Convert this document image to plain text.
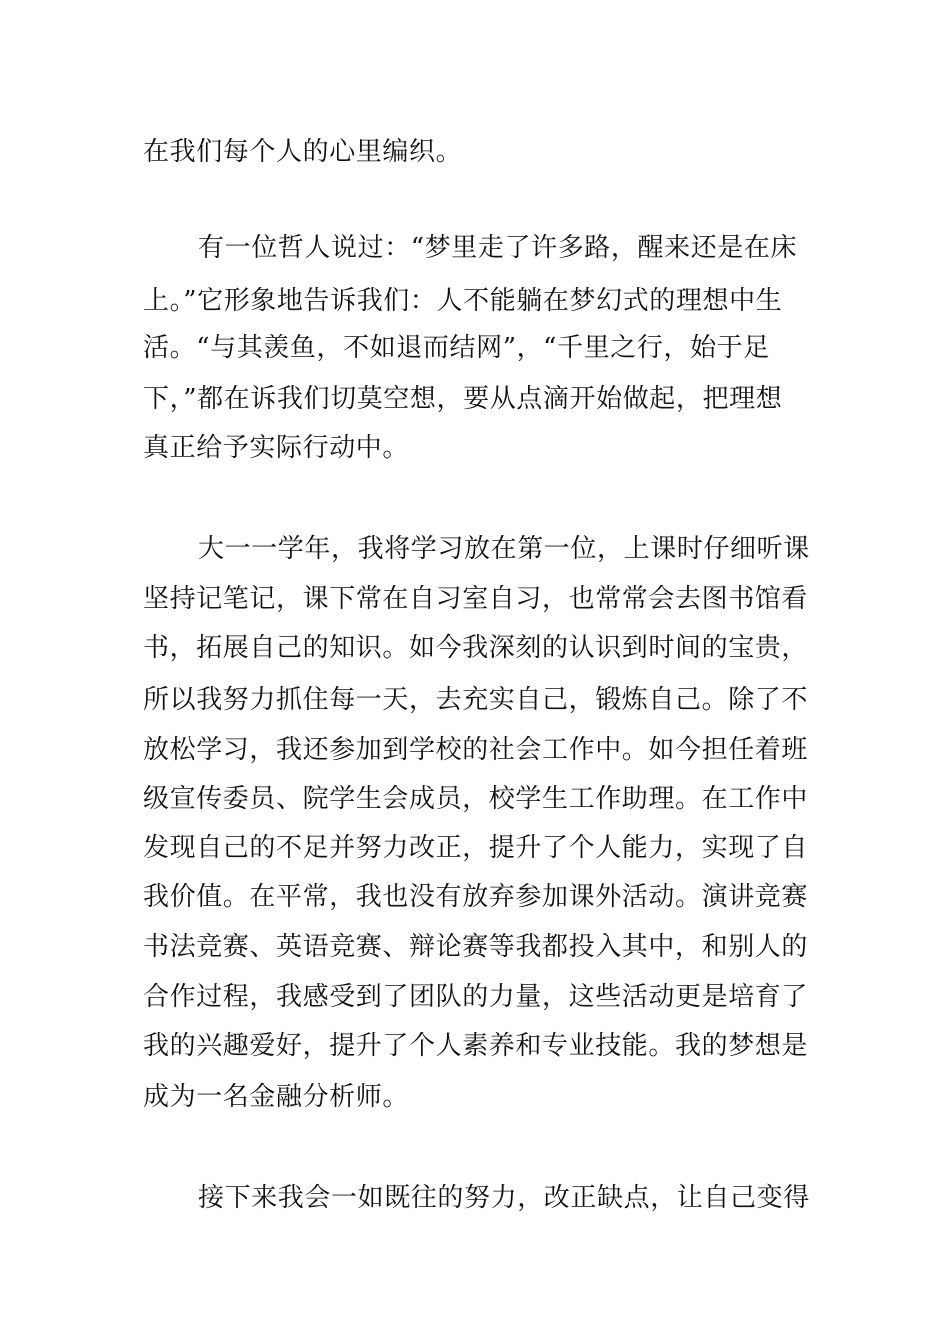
在我们每个人的心里编织。
有一位哲人说过：“梦里走了许多路，醒来还是在床
上。”它形象地告诉我们：人不能躺在梦幻式的理想中生
活。“与其羡鱼，不如退而结网”，“千里之行，始于足
下，”都在诉我们切莫空想，要从点滴开始做起，把理想
真正给予实际行动中。
大一一学年，我将学习放在第一位，上课时仔细听课
坚持记笔记，课下常在自习室自习，也常常会去图书馆看
书，拓展自己的知识。如今我深刻的认识到时间的宝贵，
所以我努力抓住每一天，去充实自己，锻炼自己。除了不
放松学习，我还参加到学校的社会工作中。如今担任着班
级宣传委员、院学生会成员，校学生工作助理。在工作中
发现自己的不足并努力改正，提升了个人能力，实现了自
我价值。在平常，我也没有放弃参加课外活动。演讲竞赛
书法竞赛、英语竞赛、辩论赛等我都投入其中，和别人的
合作过程，我感受到了团队的力量，这些活动更是培育了
我的兴趣爱好，提升了个人素养和专业技能。我的梦想是
成为一名金融分析师。
接下来我会一如既往的努力，改正缺点，让自己变得
